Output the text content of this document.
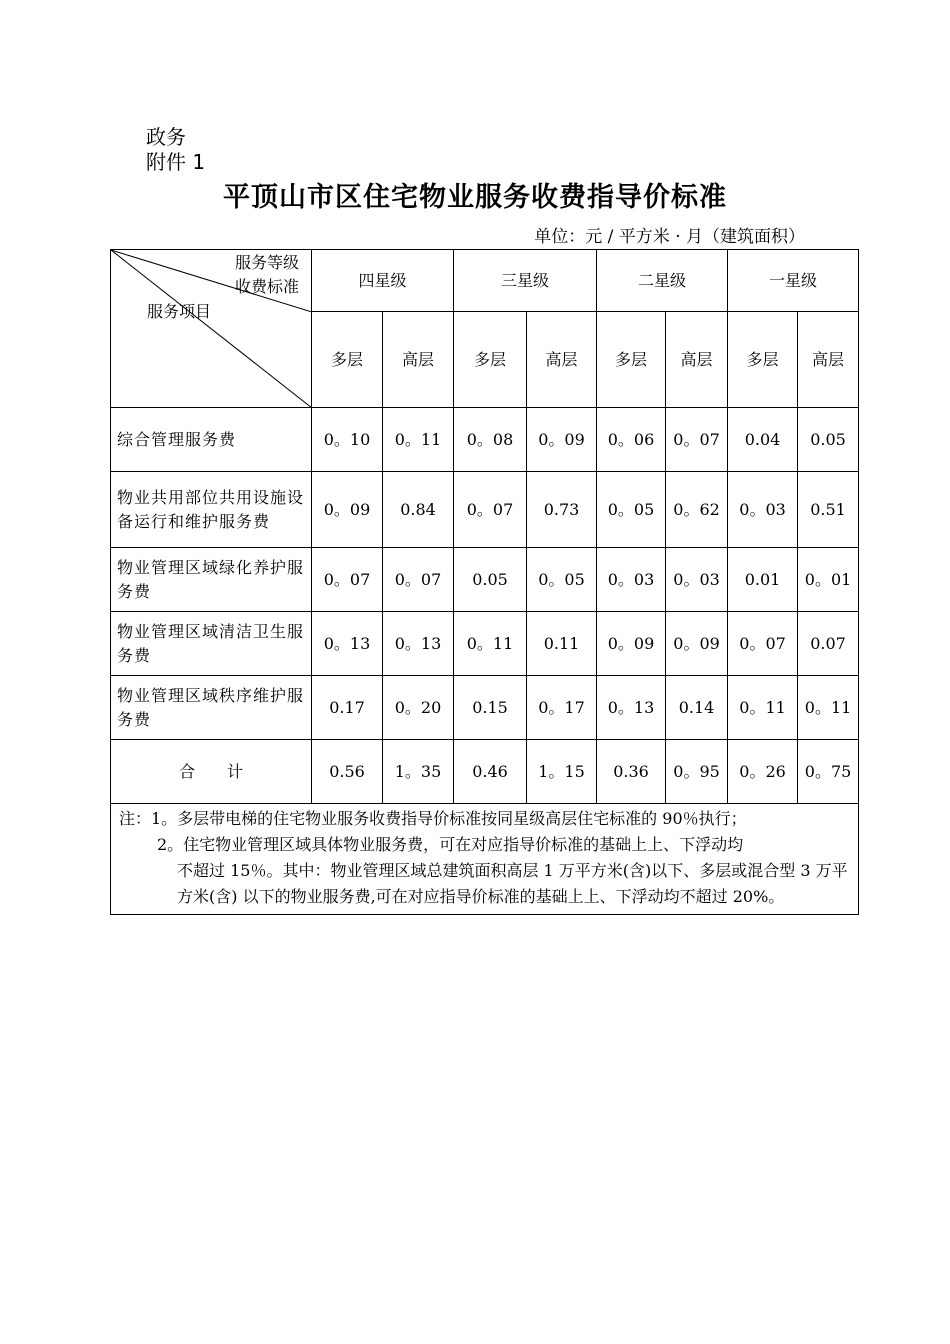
政务
附件 1
平顶山市区住宅物业服务收费指导价标准
单位：元 / 平方米 · 月（建筑面积）
服务等级
收费标准
服务项目	四星级		三星级		二星级		一星级	
	多层	高层	多层	高层	多层	高层	多层	高层
综合管理服务费	0。10	0。11	0。08	0。09	0。06	0。07	0.04	0.05
物业共用部位共用设施设备运行和维护服务费	0。09	0.84	0。07	0.73	0。05	0。62	0。03	0.51
物业管理区域绿化养护服务费	0。07	0。07	0.05	0。05	0。03	0。03	0.01	0。01
物业管理区域清洁卫生服务费	0。13	0。13	0。11	0.11	0。09	0。09	0。07	0.07
物业管理区域秩序维护服务费	0.17	0。20	0.15	0。17	0。13	0.14	0。11	0。11
合 计	0.56	1。35	0.46	1。15	0.36	0。95	0。26	0。75

注：1。多层带电梯的住宅物业服务收费指导价标准按同星级高层住宅标准的 90％执行；
2。住宅物业管理区域具体物业服务费，可在对应指导价标准的基础上上、下浮动均
不超过 15％。其中：物业管理区域总建筑面积高层 1 万平方米(含)以下、多层或混合型 3 万平方米(含) 以下的物业服务费,可在对应指导价标准的基础上上、下浮动均不超过 20%。								
